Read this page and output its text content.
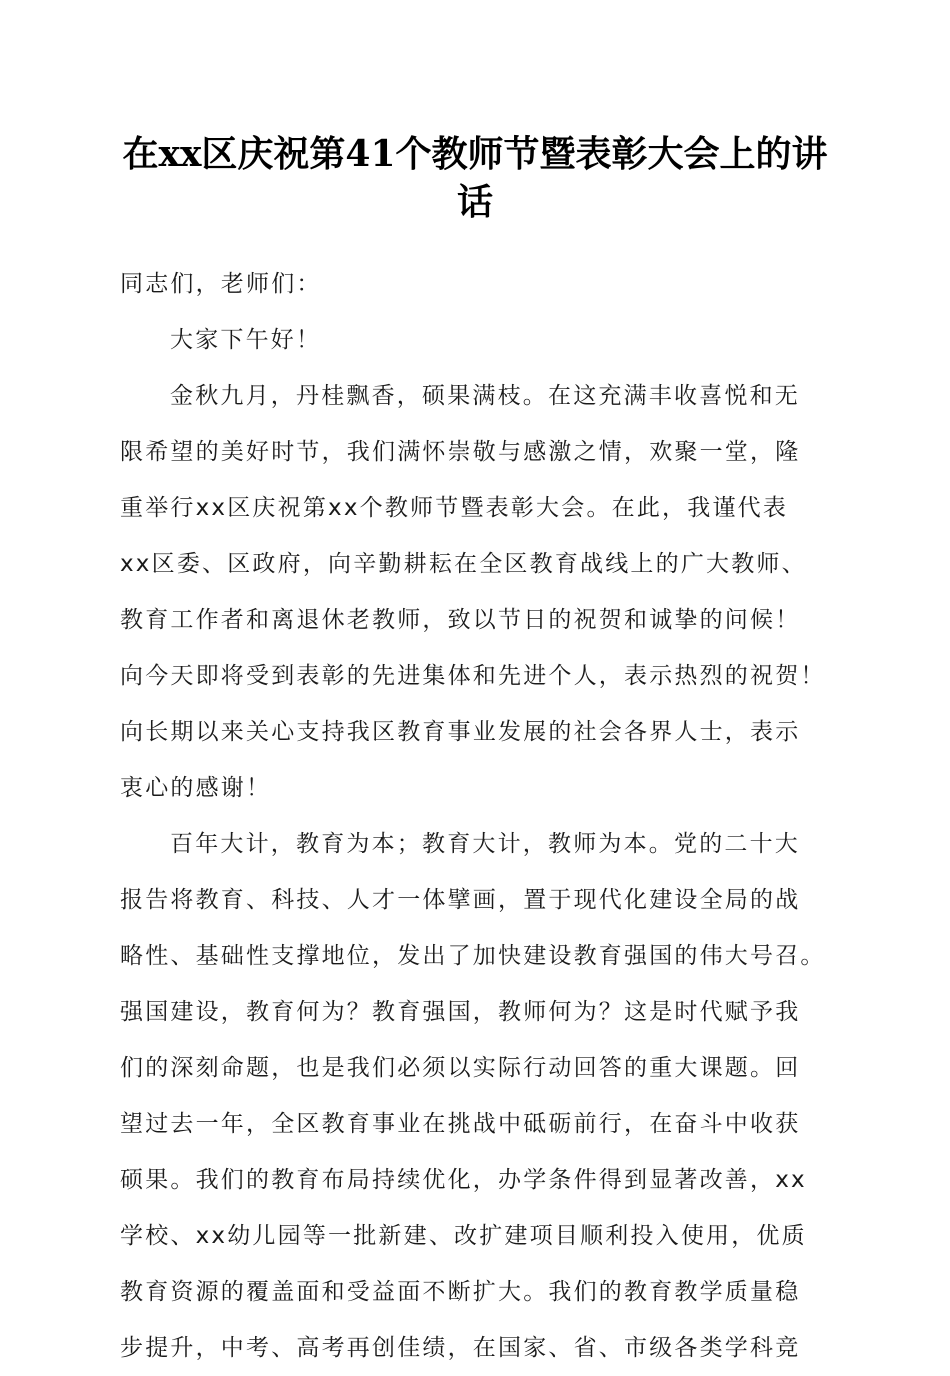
在xx区庆祝第41个教师节暨表彰大会上的讲
话
同志们，老师们：
大家下午好！
金秋九月，丹桂飘香，硕果满枝。在这充满丰收喜悦和无
限希望的美好时节，我们满怀崇敬与感激之情，欢聚一堂，隆
重举行xx区庆祝第xx个教师节暨表彰大会。在此，我谨代表
xx区委、区政府，向辛勤耕耘在全区教育战线上的广大教师、
教育工作者和离退休老教师，致以节日的祝贺和诚挚的问候！
向今天即将受到表彰的先进集体和先进个人，表示热烈的祝贺！
向长期以来关心支持我区教育事业发展的社会各界人士，表示
衷心的感谢！
百年大计，教育为本；教育大计，教师为本。党的二十大
报告将教育、科技、人才一体擘画，置于现代化建设全局的战
略性、基础性支撑地位，发出了加快建设教育强国的伟大号召。
强国建设，教育何为？教育强国，教师何为？这是时代赋予我
们的深刻命题，也是我们必须以实际行动回答的重大课题。回
望过去一年，全区教育事业在挑战中砥砺前行，在奋斗中收获
硕果。我们的教育布局持续优化，办学条件得到显著改善，xx
学校、xx幼儿园等一批新建、改扩建项目顺利投入使用，优质
教育资源的覆盖面和受益面不断扩大。我们的教育教学质量稳
步提升，中考、高考再创佳绩，在国家、省、市级各类学科竞
